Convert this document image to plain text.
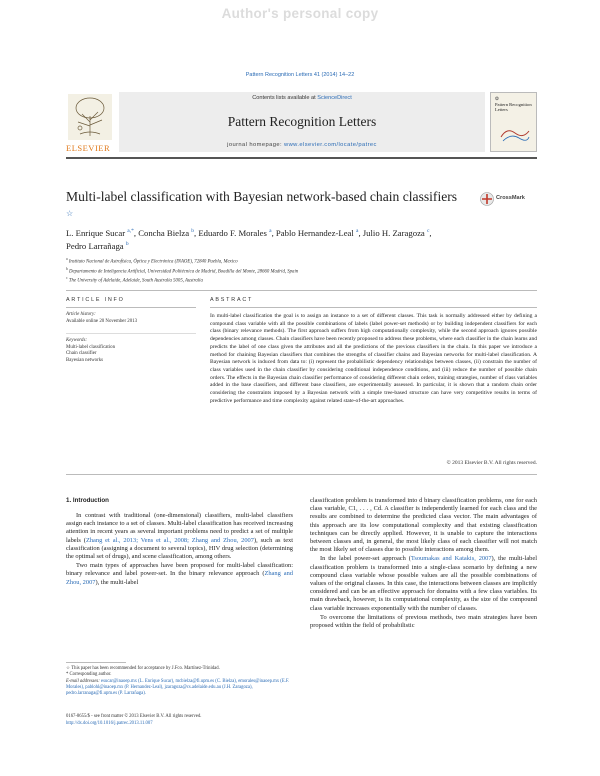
Author's personal copy
Pattern Recognition Letters 41 (2014) 14–22
ELSEVIER
Contents lists available at ScienceDirect
Pattern Recognition Letters
journal homepage: www.elsevier.com/locate/patrec
❂
Pattern Recognition Letters
Multi-label classification with Bayesian network-based chain classifiers ☆
CrossMark
L. Enrique Sucar $^{a,*}$, Concha Bielza $^b$, Eduardo F. Morales $^a$, Pablo Hernandez-Leal $^a$, Julio H. Zaragoza $^c$,
Pedro Larrañaga $^b$
$^a$ Instituto Nacional de Astrofísica, Óptica y Electrónica (INAOE), 72840 Puebla, Mexico
$^b$ Departamento de Inteligencia Artificial, Universidad Politécnica de Madrid, Boadilla del Monte, 28660 Madrid, Spain
$^c$ The University of Adelaide, Adelaide, South Australia 5005, Australia
ARTICLE INFO
Article history:
Available online 20 November 2013
Keywords:
Multi-label classification
Chain classifier
Bayesian networks
ABSTRACT
In multi-label classification the goal is to assign an instance to a set of different classes. This task is normally addressed either by defining a compound class variable with all the possible combinations of labels (label power-set methods) or by building independent classifiers for each class (binary relevance methods). The first approach suffers from high computationally complexity, while the second approach ignores possible dependencies among classes. Chain classifiers have been recently proposed to address these problems, where each classifier in the chain learns and predicts the label of one class given the attributes and all the predictions of the previous classifiers in the chain. In this paper we introduce a method for chaining Bayesian classifiers that combines the strengths of classifier chains and Bayesian networks for multi-label classification. A Bayesian network is induced from data to: (i) represent the probabilistic dependency relationships between classes, (ii) constrain the number of class variables used in the chain classifier by considering conditional independence conditions, and (iii) reduce the number of possible chain orders. The effects in the Bayesian chain classifier performance of considering different chain orders, training strategies, number of class variables added in the base classifiers, and different base classifiers, are experimentally assessed. In particular, it is shown that a random chain order considering the constraints imposed by a Bayesian network with a simple tree-based structure can have very competitive results in terms of predictive performance and time complexity against related state-of-the-art approaches.
© 2013 Elsevier B.V. All rights reserved.
1. Introduction

In contrast with traditional (one-dimensional) classifiers, multi-label classifiers assign each instance to a set of classes. Multi-label classification has received increasing attention in recent years as several important problems need to predict a set of multiple labels (Zhang et al., 2013; Vens et al., 2008; Zhang and Zhou, 2007), such as text classification (assigning a document to several topics), HIV drug selection (determining the optimal set of drugs), and scene classification, among others.

Two main types of approaches have been proposed for multi-label classification: binary relevance and label power-set. In the binary relevance approach (Zhang and Zhou, 2007), the multi-label

classification problem is transformed into d binary classification problems, one for each class variable, C1, . . . , Cd. A classifier is independently learned for each class and the results are combined to determine the predicted class vector. The main advantages of this approach are its low computational complexity and that existing classification techniques can be directly applied. However, it is unable to capture the interactions between classes and, in general, the most likely class of each classifier will not match the most likely set of classes due to possible interactions among them.

In the label power-set approach (Tsoumakas and Katakis, 2007), the multi-label classification problem is transformed into a single-class scenario by defining a new compound class variable whose possible values are all the possible combinations of values of the original classes. In this case, the interactions between classes are implicitly considered and can be an effective approach for domains with a few class variables. Its main drawback, however, is its computational complexity, as the size of the compound class variable increases exponentially with the number of classes.

To overcome the limitations of previous methods, two main strategies have been proposed within the field of probabilistic

☆ This paper has been recommended for acceptance by J.Fco. Martínez-Trinidad.
* Corresponding author.
E-mail addresses: esucar@inaoep.mx (L. Enrique Sucar), mcbielza@fi.upm.es (C. Bielza), emorales@inaoep.mx (E.F. Morales), pablohl@inaoep.mx (P. Hernandez-Leal), jzaragoza@cs.adelaide.edu.au (J.H. Zaragoza), pedro.larranaga@fi.upm.es (P. Larrañaga).
0167-8655/$ - see front matter © 2013 Elsevier B.V. All rights reserved.
http://dx.doi.org/10.1016/j.patrec.2013.11.007
